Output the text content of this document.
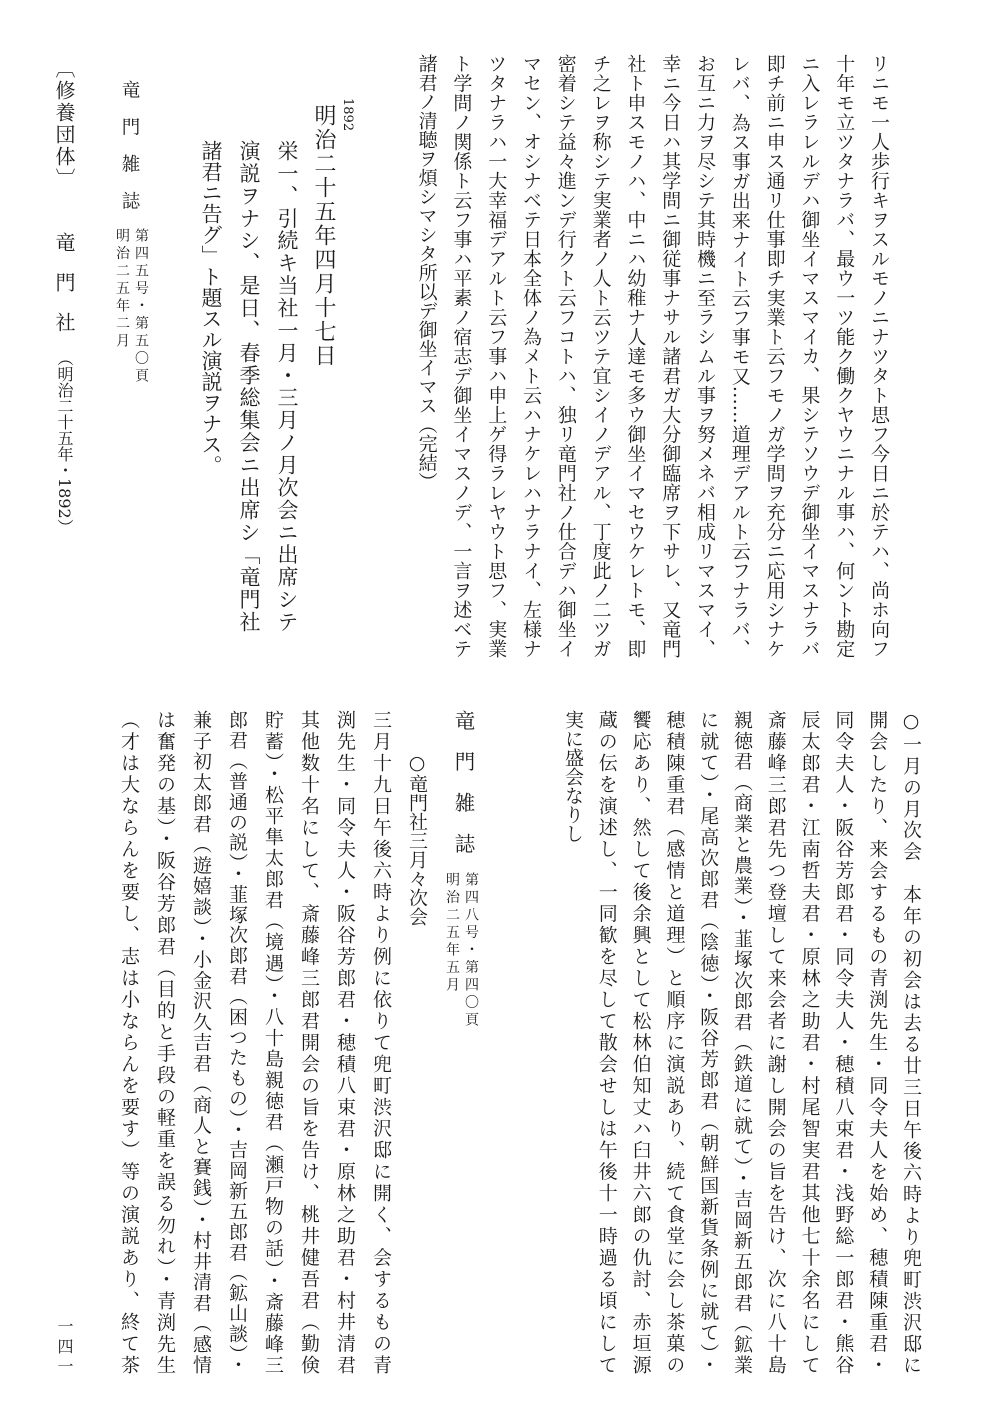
〔修養団体〕
竜　門　社
（明治二十五年・1892）
一四一
リニモ一人歩行キヲスルモノニナツタト思フ今日ニ於テハ、尚ホ向フ
十年モ立ツタナラバ、最ウ一ツ能ク働クヤウニナル事ハ、何ント勘定
ニ入レラレルデハ御坐イマスマイカ、果シテソウデ御坐イマスナラバ
即チ前ニ申ス通リ仕事即チ実業ト云フモノガ学問ヲ充分ニ応用シナケ
レバ、為ス事ガ出来ナイト云フ事モ又……道理デアルト云フナラバ、
お互ニ力ヲ尽シテ其時機ニ至ラシムル事ヲ努メネバ相成リマスマイ、
幸ニ今日ハ其学問ニ御従事ナサル諸君ガ大分御臨席ヲ下サレ、又竜門
社ト申スモノハ、中ニハ幼稚ナ人達モ多ウ御坐イマセウケレトモ、即
チ之レヲ称シテ実業者ノ人ト云ツテ宜シイノデアル、丁度此ノ二ツガ
密着シテ益々進ンデ行クト云フコトハ、独リ竜門社ノ仕合デハ御坐イ
マセン、オシナベテ日本全体ノ為メト云ハナケレハナラナイ、左様ナ
ツタナラハ一大幸福デアルト云フ事ハ申上ゲ得ラレヤウト思フ、実業
ト学問ノ関係ト云フ事ハ平素ノ宿志デ御坐イマスノデ、一言ヲ述ベテ
諸君ノ清聴ヲ煩シマシタ所以デ御坐イマス（完結）
1892
明治二十五年四月十七日
栄一、引続キ当社一月・三月ノ月次会ニ出席シテ
演説ヲナシ、是日、春季総集会ニ出席シ「竜門社
諸君ニ告グ」ト題スル演説ヲナス。
竜　門　雑　誌
第四五号・第五〇頁
明治二五年二月
○一月の月次会　本年の初会は去る廿三日午後六時より兜町渋沢邸に
開会したり、来会するもの青渕先生・同令夫人を始め、穂積陳重君・
同令夫人・阪谷芳郎君・同令夫人・穂積八束君・浅野総一郎君・熊谷
辰太郎君・江南哲夫君・原林之助君・村尾智実君其他七十余名にして
斎藤峰三郎君先つ登壇して来会者に謝し開会の旨を告け、次に八十島
親徳君（商業と農業）・韮塚次郎君（鉄道に就て）・吉岡新五郎君（鉱業
に就て）・尾高次郎君（陰徳）・阪谷芳郎君（朝鮮国新貨条例に就て）・
穂積陳重君（感情と道理）と順序に演説あり、続て食堂に会し茶菓の
饗応あり、然して後余興として松林伯知丈ハ臼井六郎の仇討、赤垣源
蔵の伝を演述し、一同歓を尽して散会せしは午後十一時過る頃にして
実に盛会なりし
竜　門　雑　誌
第四八号・第四〇頁
明治二五年五月
○竜門社三月々次会
三月十九日午後六時より例に依りて兜町渋沢邸に開く、会するもの青
渕先生・同令夫人・阪谷芳郎君・穂積八束君・原林之助君・村井清君
其他数十名にして、斎藤峰三郎君開会の旨を告け、桃井健吾君（勤倹
貯蓄）・松平隼太郎君（境遇）・八十島親徳君（瀬戸物の話）・斎藤峰三
郎君（普通の説）・韮塚次郎君（困つたもの）・吉岡新五郎君（鉱山談）・
兼子初太郎君（遊嬉談）・小金沢久吉君（商人と賽銭）・村井清君（感情
は奮発の基）・阪谷芳郎君（目的と手段の軽重を誤る勿れ）・青渕先生
（才は大ならんを要し、志は小ならんを要す）等の演説あり、終て茶
